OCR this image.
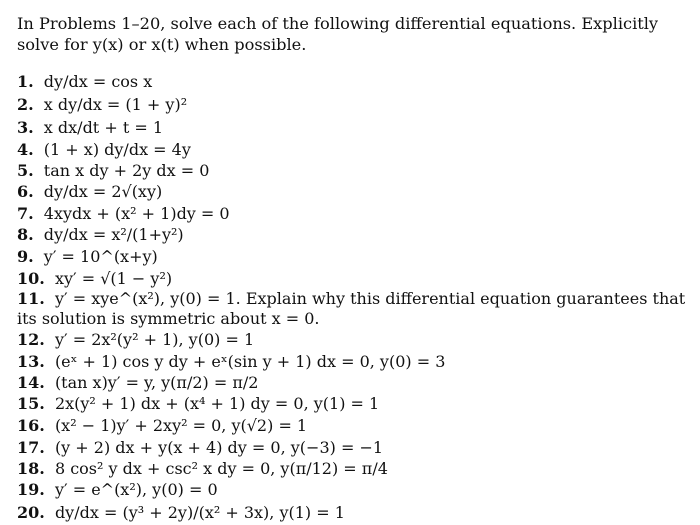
In Problems 1–20, solve each of the following differential equations. Explicitly solve for y(x) or x(t) when possible.

1. dy/dx = cos x
2. x dy/dx = (1 + y)²
3. x dx/dt + t = 1
4. (1 + x) dy/dx = 4y
5. tan x dy + 2y dx = 0
6. dy/dx = 2√(xy)
7. 4xydx + (x² + 1)dy = 0
8. dy/dx = x²/(1+y²)
9. y′ = 10^(x+y)
10. xy′ = √(1 − y²)
11. y′ = xye^(x²), y(0) = 1. Explain why this differential equation guarantees that its solution is symmetric about x = 0.
12. y′ = 2x²(y² + 1), y(0) = 1
13. (eˣ + 1) cos y dy + eˣ(sin y + 1) dx = 0, y(0) = 3
14. (tan x)y′ = y, y(π/2) = π/2
15. 2x(y² + 1) dx + (x⁴ + 1) dy = 0, y(1) = 1
16. (x² − 1)y′ + 2xy² = 0, y(√2) = 1
17. (y + 2) dx + y(x + 4) dy = 0, y(−3) = −1
18. 8 cos² y dx + csc² x dy = 0, y(π/12) = π/4
19. y′ = e^(x²), y(0) = 0
20. dy/dx = (y³ + 2y)/(x² + 3x), y(1) = 1
